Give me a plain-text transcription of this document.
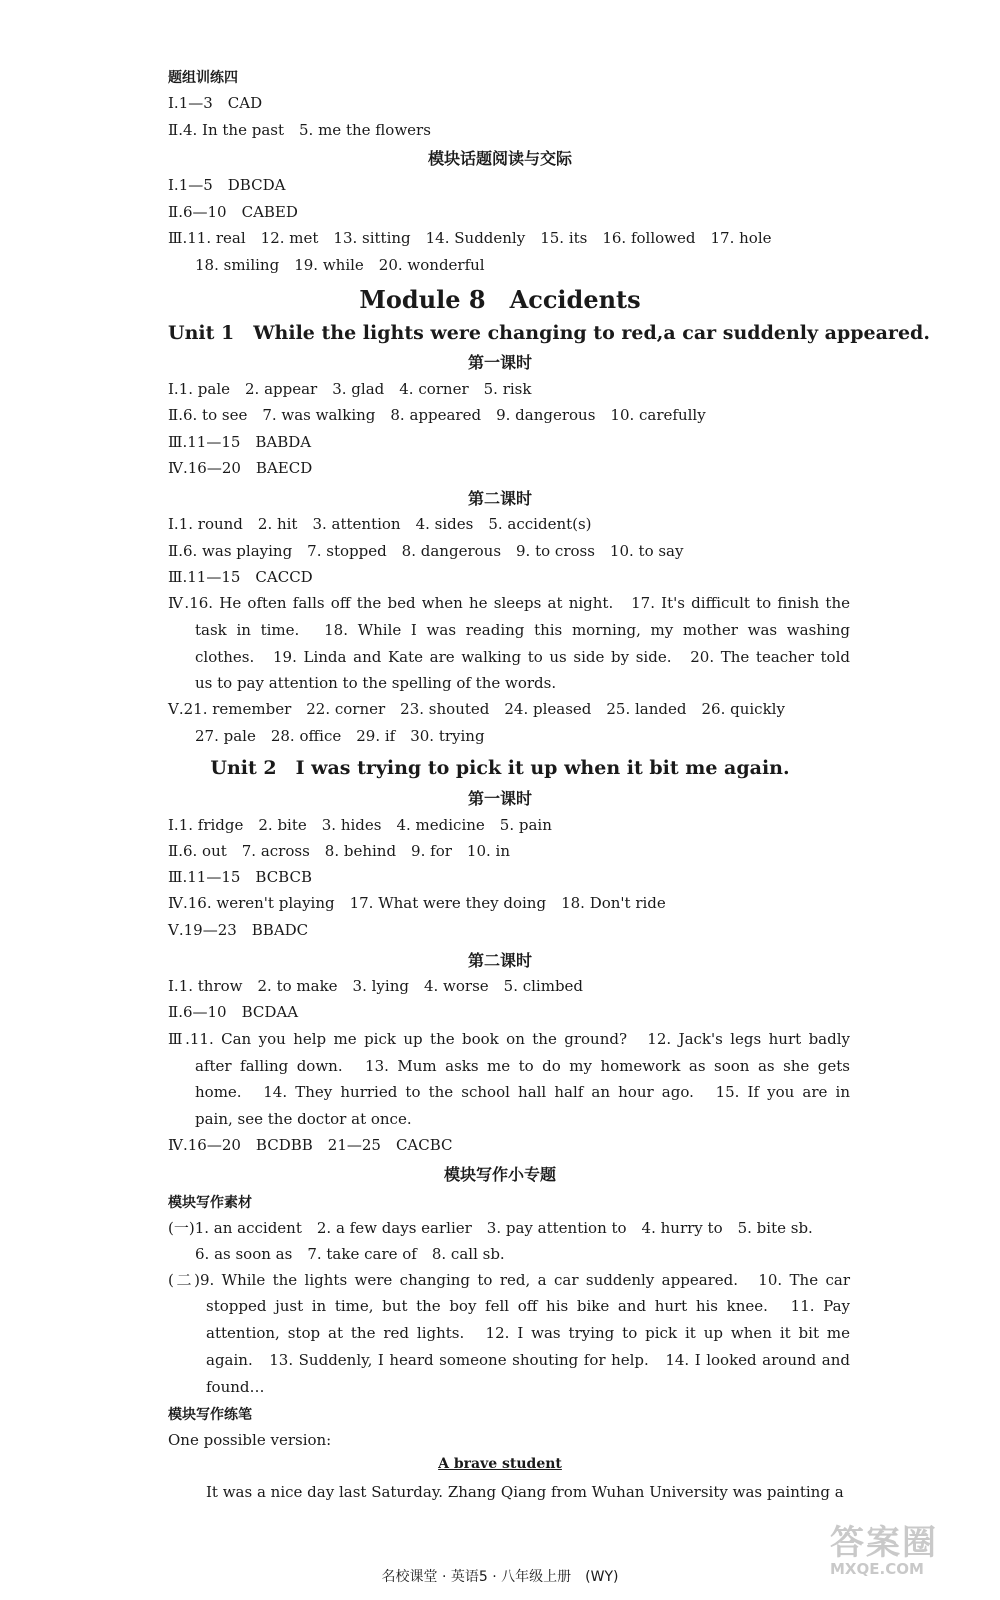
题组训练四
Ⅰ.1—3　CAD
Ⅱ.4. In the past　5. me the flowers
模块话题阅读与交际
Ⅰ.1—5　DBCDA
Ⅱ.6—10　CABED
Ⅲ.11. real　12. met　13. sitting　14. Suddenly　15. its　16. followed　17. hole
18. smiling　19. while　20. wonderful
Module 8　Accidents
Unit 1　While the lights were changing to red,a car suddenly appeared.
第一课时
Ⅰ.1. pale　2. appear　3. glad　4. corner　5. risk
Ⅱ.6. to see　7. was walking　8. appeared　9. dangerous　10. carefully
Ⅲ.11—15　BABDA
Ⅳ.16—20　BAECD
第二课时
Ⅰ.1. round　2. hit　3. attention　4. sides　5. accident(s)
Ⅱ.6. was playing　7. stopped　8. dangerous　9. to cross　10. to say
Ⅲ.11—15　CACCD
Ⅳ.16. He often falls off the bed when he sleeps at night.　17. It's difficult to finish the
task in time.　18. While I was reading this morning, my mother was washing
clothes.　19. Linda and Kate are walking to us side by side.　20. The teacher told
us to pay attention to the spelling of the words.
Ⅴ.21. remember　22. corner　23. shouted　24. pleased　25. landed　26. quickly
27. pale　28. office　29. if　30. trying
Unit 2　I was trying to pick it up when it bit me again.
第一课时
Ⅰ.1. fridge　2. bite　3. hides　4. medicine　5. pain
Ⅱ.6. out　7. across　8. behind　9. for　10. in
Ⅲ.11—15　BCBCB
Ⅳ.16. weren't playing　17. What were they doing　18. Don't ride
Ⅴ.19—23　BBADC
第二课时
Ⅰ.1. throw　2. to make　3. lying　4. worse　5. climbed
Ⅱ.6—10　BCDAA
Ⅲ.11. Can you help me pick up the book on the ground?　12. Jack's legs hurt badly
after falling down.　13. Mum asks me to do my homework as soon as she gets
home.　14. They hurried to the school hall half an hour ago.　15. If you are in
pain, see the doctor at once.
Ⅳ.16—20　BCDBB　21—25　CACBC
模块写作小专题
模块写作素材
(一)1. an accident　2. a few days earlier　3. pay attention to　4. hurry to　5. bite sb.
6. as soon as　7. take care of　8. call sb.
(二)9. While the lights were changing to red, a car suddenly appeared.　10. The car
stopped just in time, but the boy fell off his bike and hurt his knee.　11. Pay
attention, stop at the red lights.　12. I was trying to pick it up when it bit me
again.　13. Suddenly, I heard someone shouting for help.　14. I looked around and
found…
模块写作练笔
One possible version:
A brave student
It was a nice day last Saturday. Zhang Qiang from Wuhan University was painting a
答案圈
MXQE.COM
名校课堂 · 英语5 · 八年级上册　(WY)
